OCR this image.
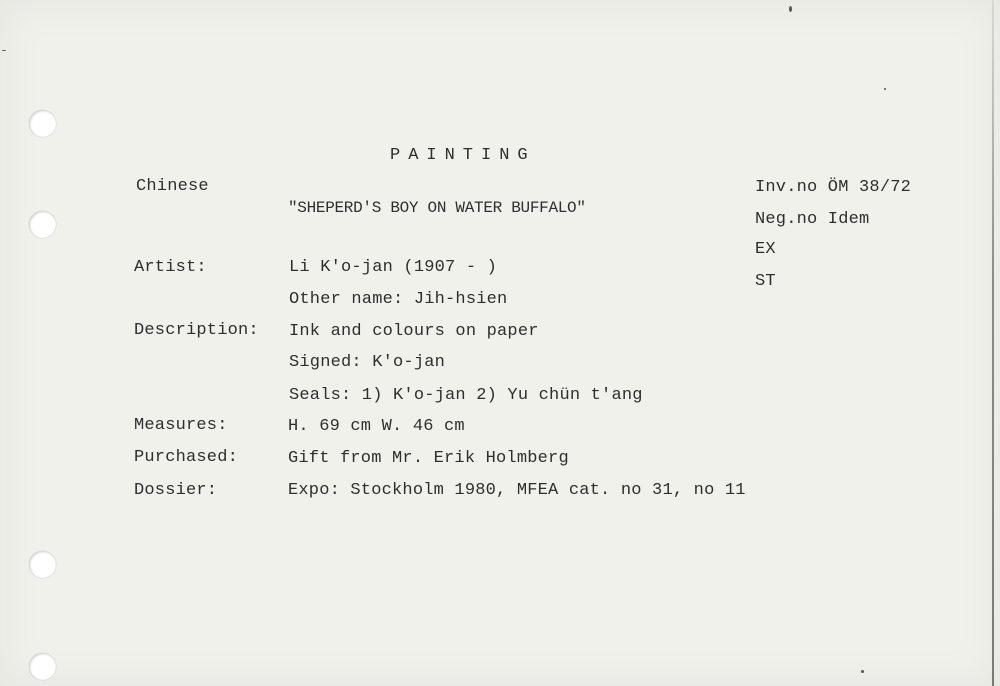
PAINTING
Chinese
"SHEPERD'S BOY ON WATER BUFFALO"
Inv.no ÖM 38/72
Neg.no Idem
EX
ST
Artist:	Li K'o-jan (1907 - )
Other name: Jih-hsien
Description: Ink and colours on paper
Signed: K'o-jan
Seals: 1) K'o-jan 2) Yu chün t'ang
Measures:	H. 69 cm W. 46 cm
Purchased:	Gift from Mr. Erik Holmberg
Dossier:	Expo: Stockholm 1980, MFEA cat. no 31, no 11
